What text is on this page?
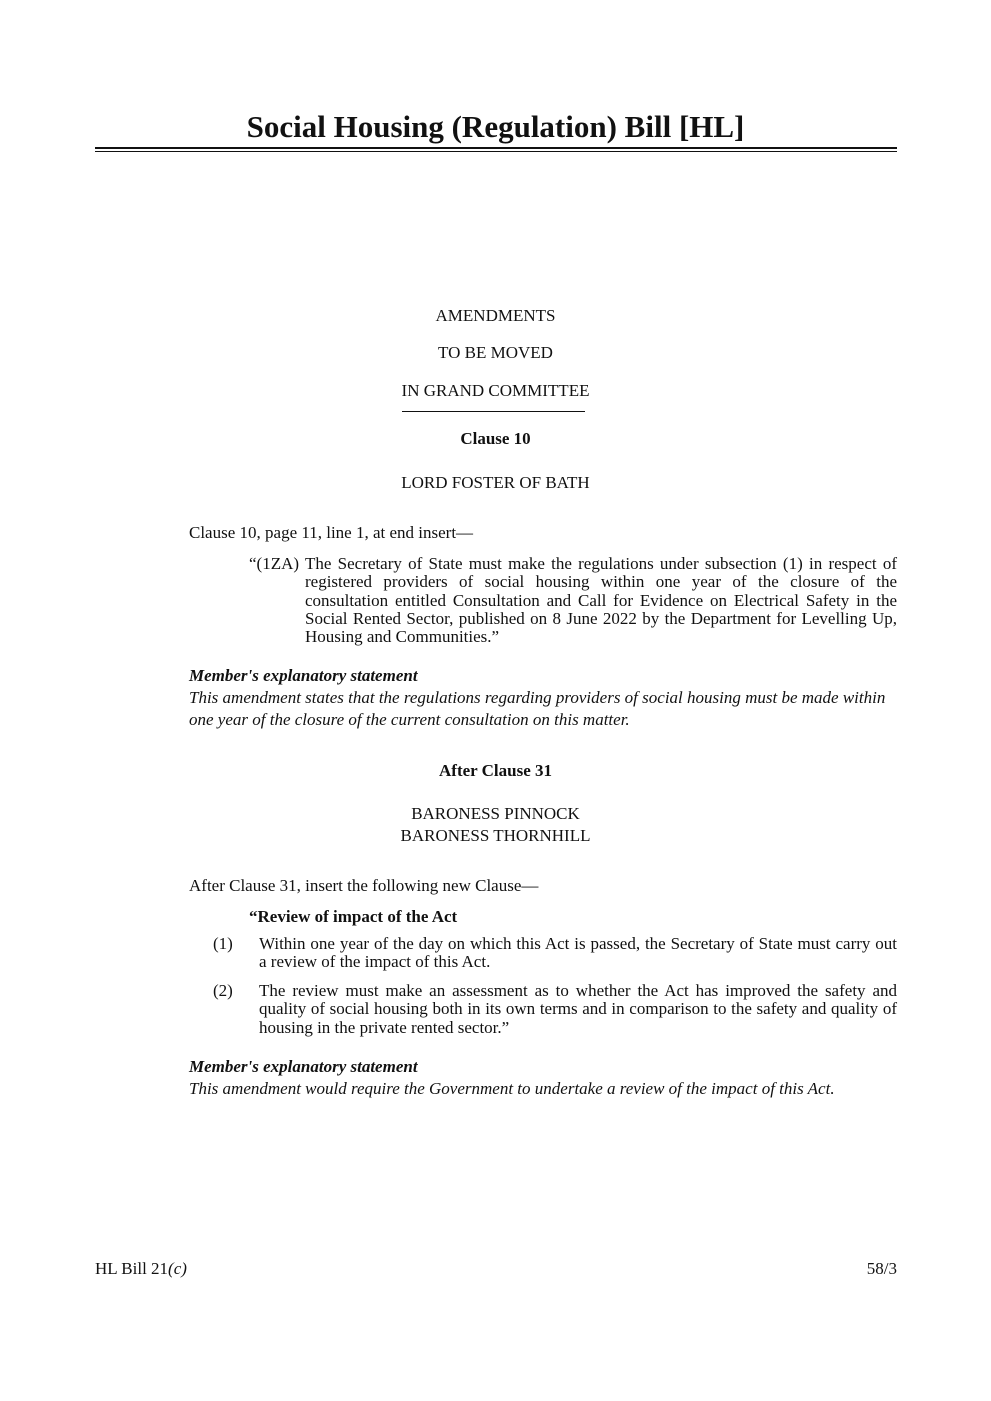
Social Housing (Regulation) Bill [HL]
AMENDMENTS
TO BE MOVED
IN GRAND COMMITTEE
Clause 10
LORD FOSTER OF BATH
Clause 10, page 11, line 1, at end insert—
“(1ZA) The Secretary of State must make the regulations under subsection (1) in respect of registered providers of social housing within one year of the closure of the consultation entitled Consultation and Call for Evidence on Electrical Safety in the Social Rented Sector, published on 8 June 2022 by the Department for Levelling Up, Housing and Communities.”
Member's explanatory statement
This amendment states that the regulations regarding providers of social housing must be made within one year of the closure of the current consultation on this matter.
After Clause 31
BARONESS PINNOCK
BARONESS THORNHILL
After Clause 31, insert the following new Clause—
“Review of impact of the Act
(1) Within one year of the day on which this Act is passed, the Secretary of State must carry out a review of the impact of this Act.
(2) The review must make an assessment as to whether the Act has improved the safety and quality of social housing both in its own terms and in comparison to the safety and quality of housing in the private rented sector.”
Member's explanatory statement
This amendment would require the Government to undertake a review of the impact of this Act.
HL Bill 21(c)	58/3
